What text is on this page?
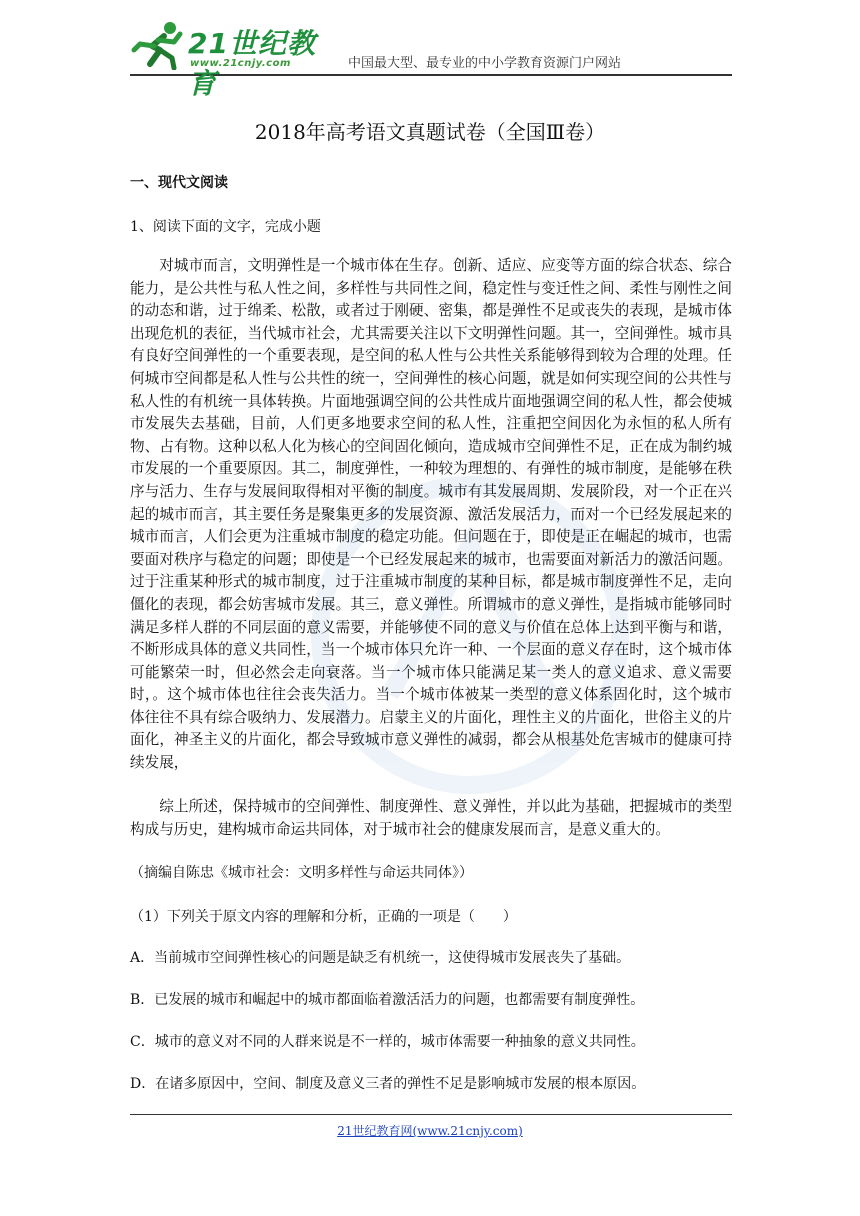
21世纪教育
www.21cnjy.com	中国最大型、最专业的中小学教育资源门户网站
2018年高考语文真题试卷（全国Ⅲ卷）
一、现代文阅读
1、阅读下面的文字，完成小题

对城市而言，文明弹性是一个城市体在生存。创新、适应、应变等方面的综合状态、综合能力，是公共性与私人性之间，多样性与共同性之间，稳定性与变迁性之间、柔性与刚性之间的动态和谐，过于绵柔、松散，或者过于刚硬、密集，都是弹性不足或丧失的表现，是城市体出现危机的表征，当代城市社会，尤其需要关注以下文明弹性问题。其一，空间弹性。城市具有良好空间弹性的一个重要表现，是空间的私人性与公共性关系能够得到较为合理的处理。任何城市空间都是私人性与公共性的统一，空间弹性的核心问题，就是如何实现空间的公共性与私人性的有机统一具体转换。片面地强调空间的公共性成片面地强调空间的私人性，都会使城市发展失去基础，目前，人们更多地要求空间的私人性，注重把空间因化为永恒的私人所有物、占有物。这种以私人化为核心的空间固化倾向，造成城市空间弹性不足，正在成为制约城市发展的一个重要原因。其二，制度弹性，一种较为理想的、有弹性的城市制度，是能够在秩序与活力、生存与发展间取得相对平衡的制度。城市有其发展周期、发展阶段，对一个正在兴起的城市而言，其主要任务是聚集更多的发展资源、激活发展活力，而对一个已经发展起来的城市而言，人们会更为注重城市制度的稳定功能。但问题在于，即使是正在崛起的城市，也需要面对秩序与稳定的问题；即使是一个已经发展起来的城市，也需要面对新活力的激活问题。过于注重某种形式的城市制度，过于注重城市制度的某种目标，都是城市制度弹性不足，走向僵化的表现，都会妨害城市发展。其三，意义弹性。所谓城市的意义弹性，是指城市能够同时满足多样人群的不同层面的意义需要，并能够使不同的意义与价值在总体上达到平衡与和谐，不断形成具体的意义共同性，当一个城市体只允许一种、一个层面的意义存在时，这个城市体可能繁荣一时，但必然会走向衰落。当一个城市体只能满足某一类人的意义追求、意义需要时，。这个城市体也往往会丧失活力。当一个城市体被某一类型的意义体系固化时，这个城市体往往不具有综合吸纳力、发展潜力。启蒙主义的片面化，理性主义的片面化，世俗主义的片面化，神圣主义的片面化，都会导致城市意义弹性的减弱，都会从根基处危害城市的健康可持续发展，

综上所述，保持城市的空间弹性、制度弹性、意义弹性，并以此为基础，把握城市的类型构成与历史，建构城市命运共同体，对于城市社会的健康发展而言，是意义重大的。

（摘编自陈忠《城市社会：文明多样性与命运共同体》）
（1）下列关于原文内容的理解和分析，正确的一项是（　　）
A．当前城市空间弹性核心的问题是缺乏有机统一，这使得城市发展丧失了基础。
B．已发展的城市和崛起中的城市都面临着激活活力的问题，也都需要有制度弹性。
C．城市的意义对不同的人群来说是不一样的，城市体需要一种抽象的意义共同性。
D．在诸多原因中，空间、制度及意义三者的弹性不足是影响城市发展的根本原因。
21世纪教育网(www.21cnjy.com)
